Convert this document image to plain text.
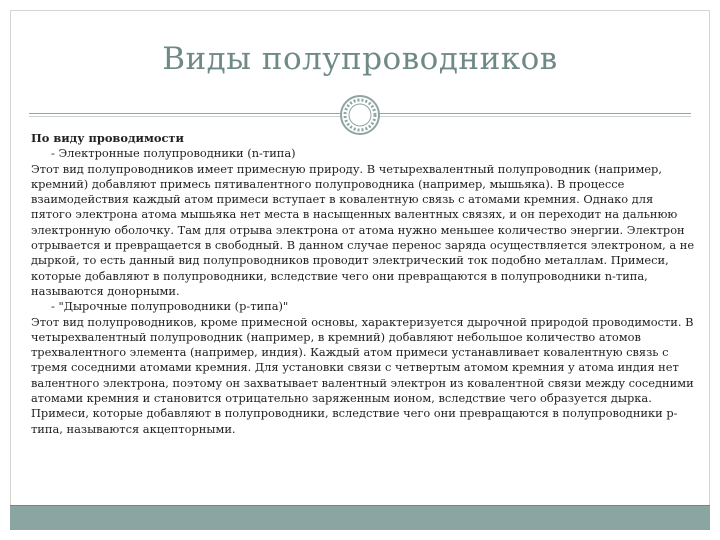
Виды полупроводников

По виду проводимости

- Электронные полупроводники (n-типа)

Этот вид полупроводников имеет примесную природу. В четырехвалентный полупроводник (например, кремний) добавляют примесь пятивалентного полупроводника (например, мышьяка). В процессе взаимодействия каждый атом примеси вступает в ковалентную связь с атомами кремния. Однако для пятого электрона атома мышьяка нет места в насыщенных валентных связях, и он переходит на дальнюю электронную оболочку. Там для отрыва электрона от атома нужно меньшее количество энергии. Электрон отрывается и превращается в свободный. В данном случае перенос заряда осуществляется электроном, а не дыркой, то есть данный вид полупроводников проводит электрический ток подобно металлам. Примеси, которые добавляют в полупроводники, вследствие чего они превращаются в полупроводники n-типа, называются донорными.

- "Дырочные полупроводники (р-типа)"

Этот вид полупроводников, кроме примесной основы, характеризуется дырочной природой проводимости. В четырехвалентный полупроводник (например, в кремний) добавляют небольшое количество атомов трехвалентного элемента (например, индия). Каждый атом примеси устанавливает ковалентную связь с тремя соседними атомами кремния. Для установки связи с четвертым атомом кремния у атома индия нет валентного электрона, поэтому он захватывает валентный электрон из ковалентной связи между соседними атомами кремния и становится отрицательно заряженным ионом, вследствие чего образуется дырка. Примеси, которые добавляют в полупроводники, вследствие чего они превращаются в полупроводники р-типа, называются акцепторными.
